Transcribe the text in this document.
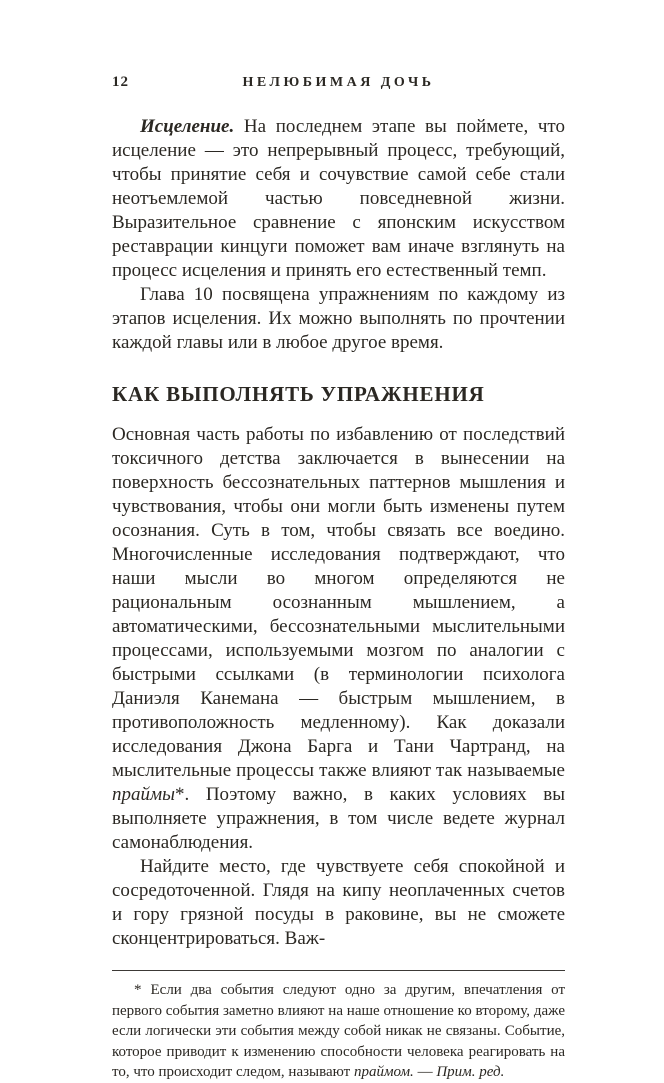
12	НЕЛЮБИМАЯ ДОЧЬ

Исцеление. На последнем этапе вы поймете, что исцеление — это непрерывный процесс, требующий, чтобы принятие себя и сочувствие самой себе стали неотъемлемой частью повседневной жизни. Выразительное сравнение с японским искусством реставрации кинцуги поможет вам иначе взглянуть на процесс исцеления и принять его естественный темп.

Глава 10 посвящена упражнениям по каждому из этапов исцеления. Их можно выполнять по прочтении каждой главы или в любое другое время.

КАК ВЫПОЛНЯТЬ УПРАЖНЕНИЯ

Основная часть работы по избавлению от последствий токсичного детства заключается в вынесении на поверхность бессознательных паттернов мышления и чувствования, чтобы они могли быть изменены путем осознания. Суть в том, чтобы связать все воедино. Многочисленные исследования подтверждают, что наши мысли во многом определяются не рациональным осознанным мышлением, а автоматическими, бессознательными мыслительными процессами, используемыми мозгом по аналогии с быстрыми ссылками (в терминологии психолога Даниэля Канемана — быстрым мышлением, в противоположность медленному). Как доказали исследования Джона Барга и Тани Чартранд, на мыслительные процессы также влияют так называемые праймы*. Поэтому важно, в каких условиях вы выполняете упражнения, в том числе ведете журнал самонаблюдения.

Найдите место, где чувствуете себя спокойной и сосредоточенной. Глядя на кипу неоплаченных счетов и гору грязной посуды в раковине, вы не сможете сконцентрироваться. Важ-

* Если два события следуют одно за другим, впечатления от первого события заметно влияют на наше отношение ко второму, даже если логически эти события между собой никак не связаны. Событие, которое приводит к изменению способности человека реагировать на то, что происходит следом, называют праймом. — Прим. ред.
